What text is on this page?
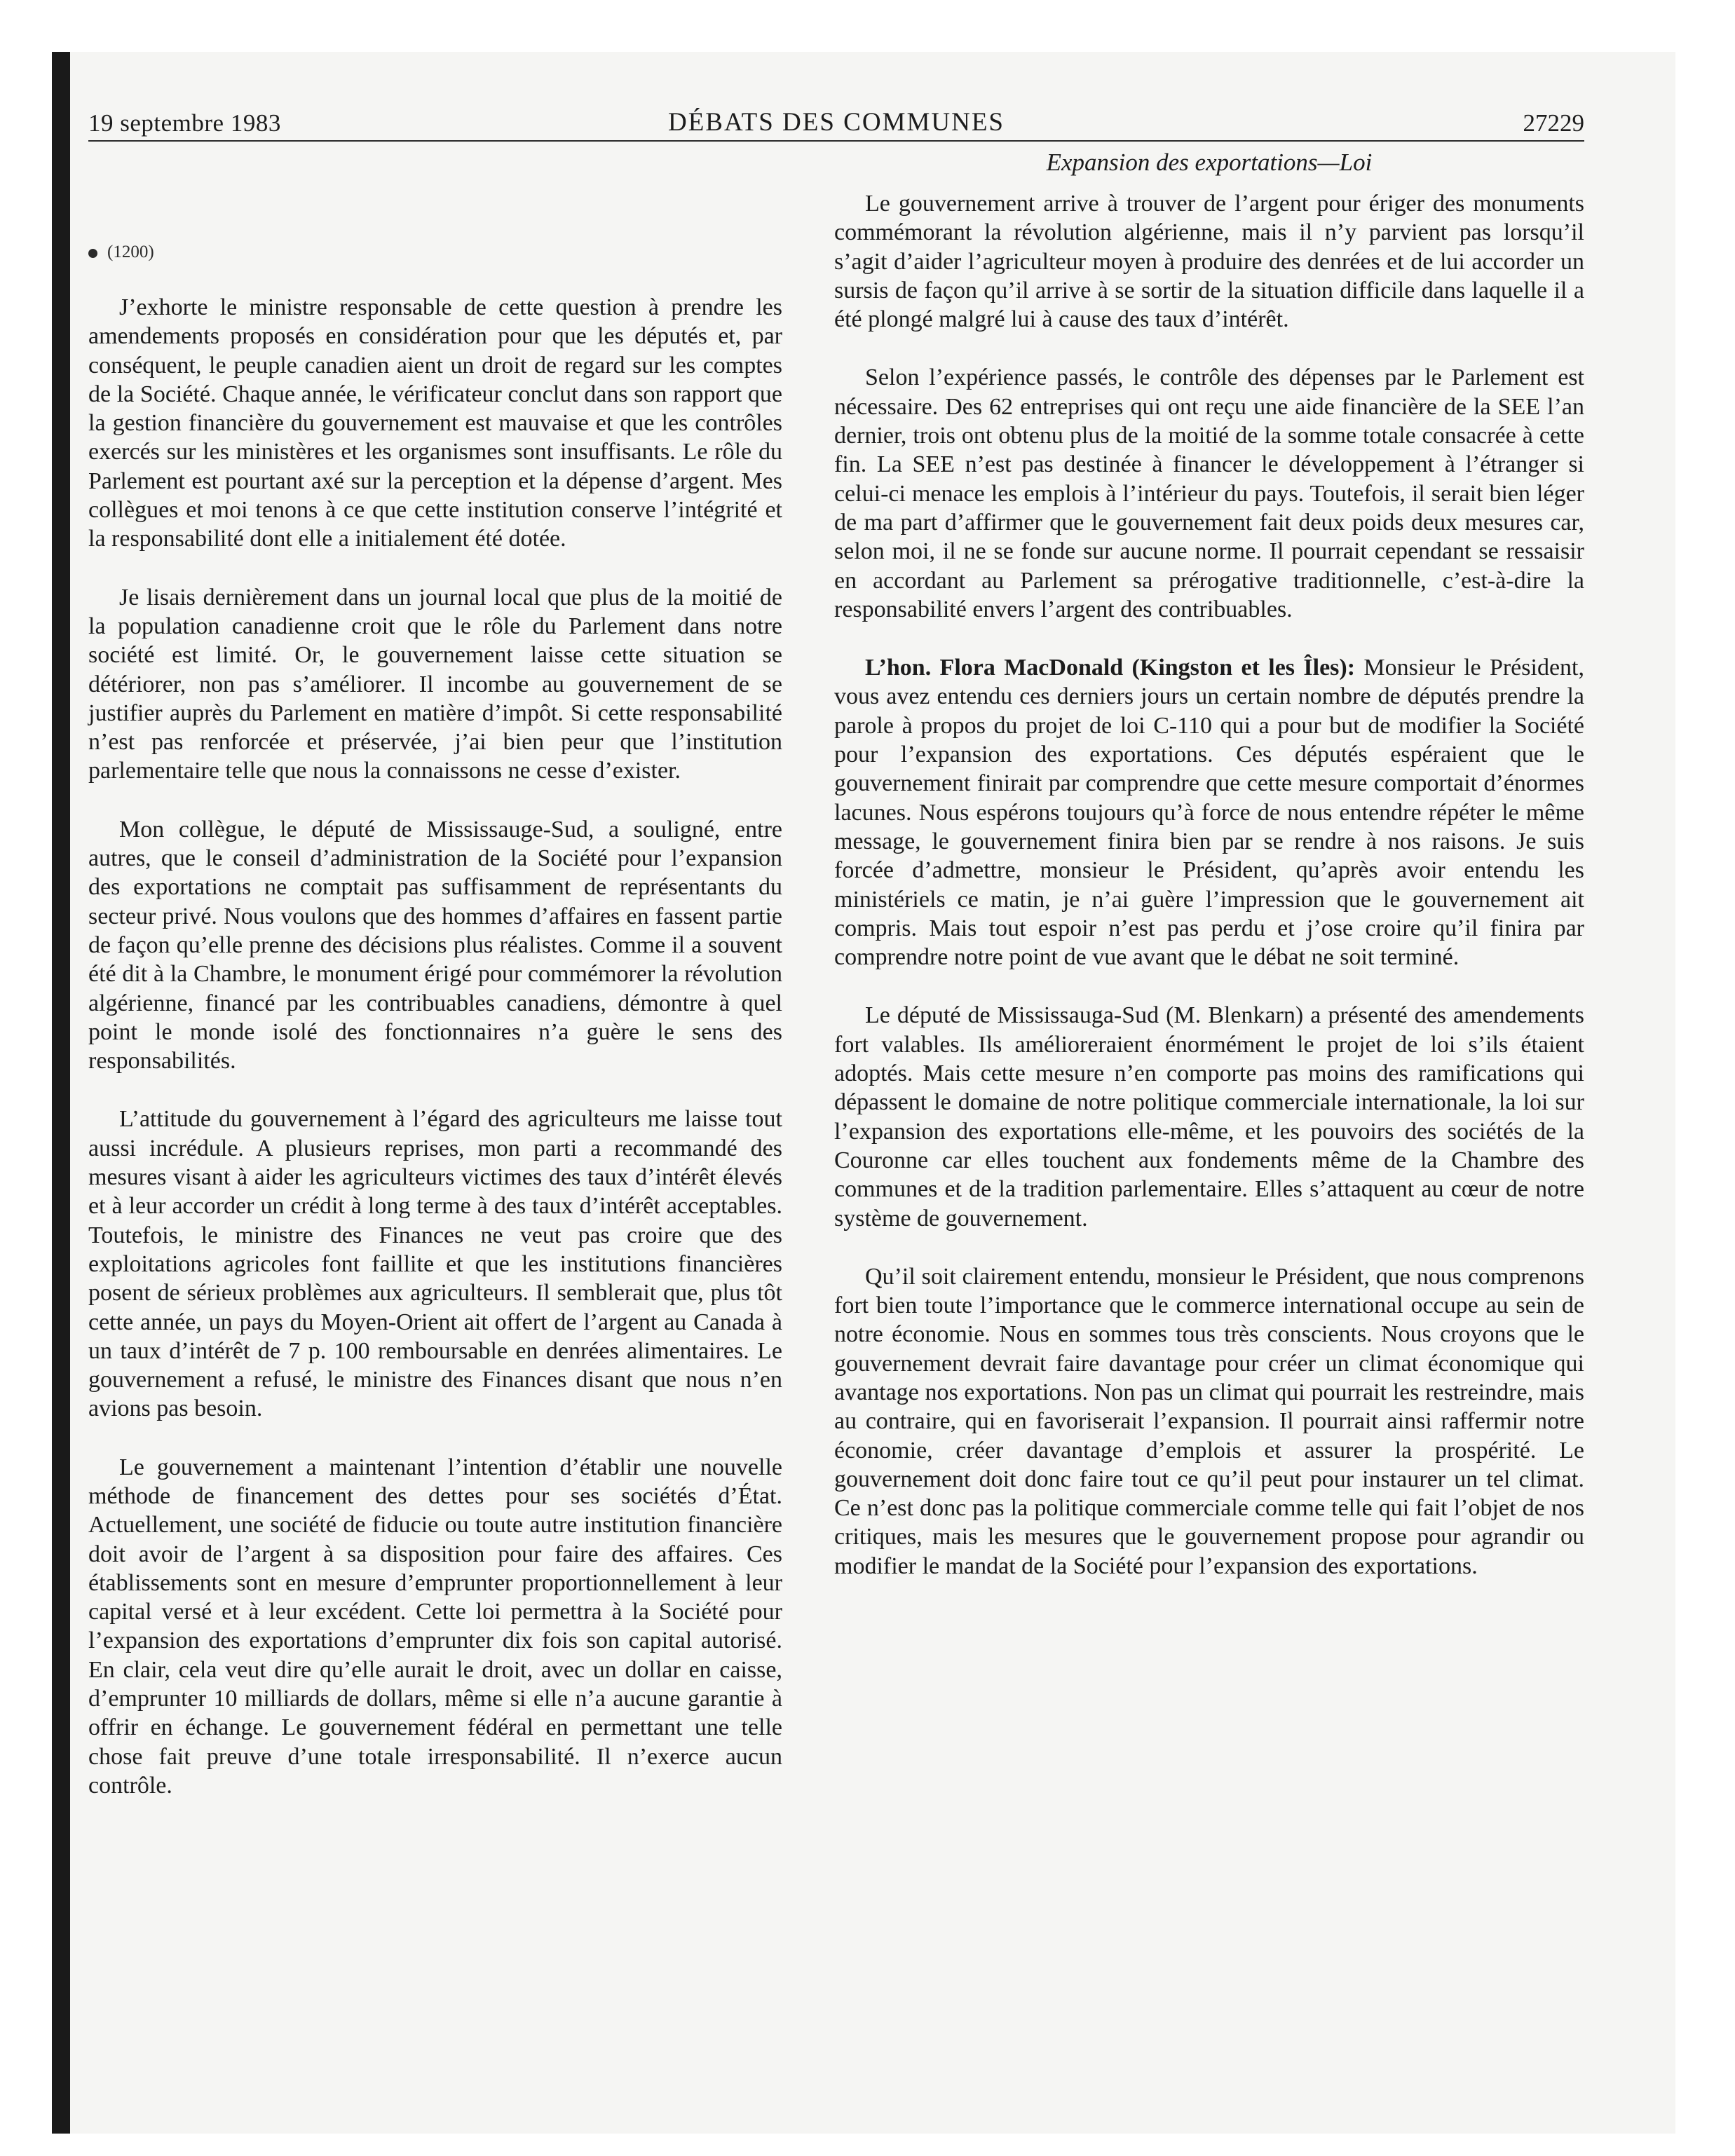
19 septembre 1983	DÉBATS DES COMMUNES	27229
Expansion des exportations—Loi
(1200)

J’exhorte le ministre responsable de cette question à prendre les amendements proposés en considération pour que les députés et, par conséquent, le peuple canadien aient un droit de regard sur les comptes de la Société. Chaque année, le vérificateur conclut dans son rapport que la gestion financière du gouvernement est mauvaise et que les contrôles exercés sur les ministères et les organismes sont insuffisants. Le rôle du Parlement est pourtant axé sur la perception et la dépense d’argent. Mes collègues et moi tenons à ce que cette institution conserve l’intégrité et la responsabilité dont elle a initialement été dotée.

Je lisais dernièrement dans un journal local que plus de la moitié de la population canadienne croit que le rôle du Parlement dans notre société est limité. Or, le gouvernement laisse cette situation se détériorer, non pas s’améliorer. Il incombe au gouvernement de se justifier auprès du Parlement en matière d’impôt. Si cette responsabilité n’est pas renforcée et préservée, j’ai bien peur que l’institution parlementaire telle que nous la connaissons ne cesse d’exister.

Mon collègue, le député de Mississauge-Sud, a souligné, entre autres, que le conseil d’administration de la Société pour l’expansion des exportations ne comptait pas suffisamment de représentants du secteur privé. Nous voulons que des hommes d’affaires en fassent partie de façon qu’elle prenne des décisions plus réalistes. Comme il a souvent été dit à la Chambre, le monument érigé pour commémorer la révolution algérienne, financé par les contribuables canadiens, démontre à quel point le monde isolé des fonctionnaires n’a guère le sens des responsabilités.

L’attitude du gouvernement à l’égard des agriculteurs me laisse tout aussi incrédule. A plusieurs reprises, mon parti a recommandé des mesures visant à aider les agriculteurs victimes des taux d’intérêt élevés et à leur accorder un crédit à long terme à des taux d’intérêt acceptables. Toutefois, le ministre des Finances ne veut pas croire que des exploitations agricoles font faillite et que les institutions financières posent de sérieux problèmes aux agriculteurs. Il semblerait que, plus tôt cette année, un pays du Moyen-Orient ait offert de l’argent au Canada à un taux d’intérêt de 7 p. 100 remboursable en denrées alimentaires. Le gouvernement a refusé, le ministre des Finances disant que nous n’en avions pas besoin.

Le gouvernement a maintenant l’intention d’établir une nouvelle méthode de financement des dettes pour ses sociétés d’État. Actuellement, une société de fiducie ou toute autre institution financière doit avoir de l’argent à sa disposition pour faire des affaires. Ces établissements sont en mesure d’emprunter proportionnellement à leur capital versé et à leur excédent. Cette loi permettra à la Société pour l’expansion des exportations d’emprunter dix fois son capital autorisé. En clair, cela veut dire qu’elle aurait le droit, avec un dollar en caisse, d’emprunter 10 milliards de dollars, même si elle n’a aucune garantie à offrir en échange. Le gouvernement fédéral en permettant une telle chose fait preuve d’une totale irresponsabilité. Il n’exerce aucun contrôle.

Le gouvernement arrive à trouver de l’argent pour ériger des monuments commémorant la révolution algérienne, mais il n’y parvient pas lorsqu’il s’agit d’aider l’agriculteur moyen à produire des denrées et de lui accorder un sursis de façon qu’il arrive à se sortir de la situation difficile dans laquelle il a été plongé malgré lui à cause des taux d’intérêt.

Selon l’expérience passés, le contrôle des dépenses par le Parlement est nécessaire. Des 62 entreprises qui ont reçu une aide financière de la SEE l’an dernier, trois ont obtenu plus de la moitié de la somme totale consacrée à cette fin. La SEE n’est pas destinée à financer le développement à l’étranger si celui-ci menace les emplois à l’intérieur du pays. Toutefois, il serait bien léger de ma part d’affirmer que le gouvernement fait deux poids deux mesures car, selon moi, il ne se fonde sur aucune norme. Il pourrait cependant se ressaisir en accordant au Parlement sa prérogative traditionnelle, c’est-à-dire la responsabilité envers l’argent des contribuables.

L’hon. Flora MacDonald (Kingston et les Îles): Monsieur le Président, vous avez entendu ces derniers jours un certain nombre de députés prendre la parole à propos du projet de loi C-110 qui a pour but de modifier la Société pour l’expansion des exportations. Ces députés espéraient que le gouvernement finirait par comprendre que cette mesure comportait d’énormes lacunes. Nous espérons toujours qu’à force de nous entendre répéter le même message, le gouvernement finira bien par se rendre à nos raisons. Je suis forcée d’admettre, monsieur le Président, qu’après avoir entendu les ministériels ce matin, je n’ai guère l’impression que le gouvernement ait compris. Mais tout espoir n’est pas perdu et j’ose croire qu’il finira par comprendre notre point de vue avant que le débat ne soit terminé.

Le député de Mississauga-Sud (M. Blenkarn) a présenté des amendements fort valables. Ils amélioreraient énormément le projet de loi s’ils étaient adoptés. Mais cette mesure n’en comporte pas moins des ramifications qui dépassent le domaine de notre politique commerciale internationale, la loi sur l’expansion des exportations elle-même, et les pouvoirs des sociétés de la Couronne car elles touchent aux fondements même de la Chambre des communes et de la tradition parlementaire. Elles s’attaquent au cœur de notre système de gouvernement.

Qu’il soit clairement entendu, monsieur le Président, que nous comprenons fort bien toute l’importance que le commerce international occupe au sein de notre économie. Nous en sommes tous très conscients. Nous croyons que le gouvernement devrait faire davantage pour créer un climat économique qui avantage nos exportations. Non pas un climat qui pourrait les restreindre, mais au contraire, qui en favoriserait l’expansion. Il pourrait ainsi raffermir notre économie, créer davantage d’emplois et assurer la prospérité. Le gouvernement doit donc faire tout ce qu’il peut pour instaurer un tel climat. Ce n’est donc pas la politique commerciale comme telle qui fait l’objet de nos critiques, mais les mesures que le gouvernement propose pour agrandir ou modifier le mandat de la Société pour l’expansion des exportations.
